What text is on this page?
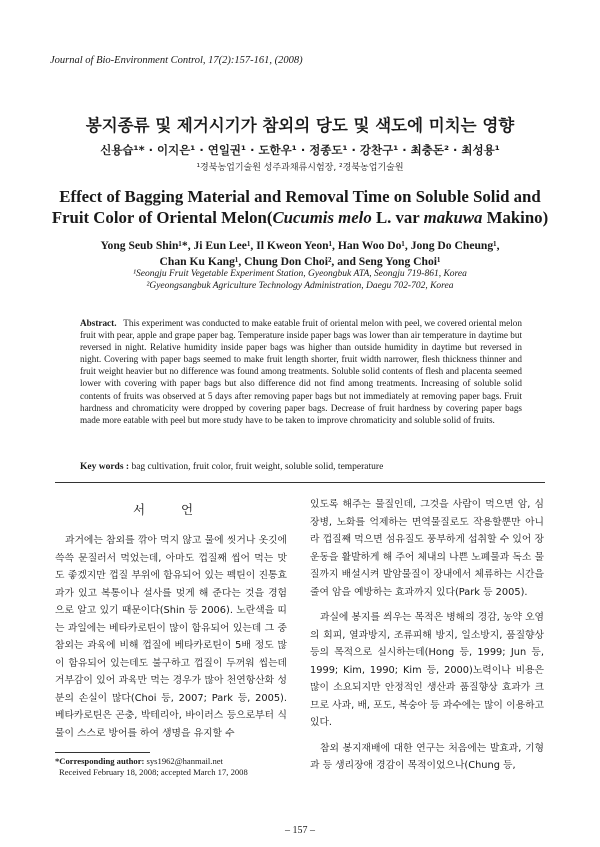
Journal of Bio-Environment Control, 17(2):157-161, (2008)
봉지종류 및 제거시기가 참외의 당도 및 색도에 미치는 영향
신용습¹* · 이지은¹ · 연일권¹ · 도한우¹ · 정종도¹ · 강찬구¹ · 최충돈² · 최성용¹
¹경북농업기술원 성주과채류시험장, ²경북농업기술원
Effect of Bagging Material and Removal Time on Soluble Solid and
Fruit Color of Oriental Melon(Cucumis melo L. var makuwa Makino)
Yong Seub Shin¹*, Ji Eun Lee¹, Il Kweon Yeon¹, Han Woo Do¹, Jong Do Cheung¹,
Chan Ku Kang¹, Chung Don Choi², and Seng Yong Choi¹
¹Seongju Fruit Vegetable Experiment Station, Gyeongbuk ATA, Seongju 719-861, Korea
²Gyeongsangbuk Agriculture Technology Administration, Daegu 702-702, Korea
Abstract. This experiment was conducted to make eatable fruit of oriental melon with peel, we covered oriental melon fruit with pear, apple and grape paper bag. Temperature inside paper bags was lower than air temperature in daytime but reversed in night. Relative humidity inside paper bags was higher than outside humidity in daytime but reversed in night. Covering with paper bags seemed to make fruit length shorter, fruit width narrower, flesh thickness thinner and fruit weight heavier but no difference was found among treatments. Soluble solid contents of flesh and placenta seemed lower with covering with paper bags but also difference did not find among treatments. Increasing of soluble solid contents of fruits was observed at 5 days after removing paper bags but not immediately at removing paper bags. Fruit hardness and chromaticity were dropped by covering paper bags. Decrease of fruit hardness by covering paper bags made more eatable with peel but more study have to be taken to improve chromaticity and soluble solid of fruits.
Key words : bag cultivation, fruit color, fruit weight, soluble solid, temperature
서 언

과거에는 참외를 깎아 먹지 않고 물에 씻거나 옷깃에 쓱쓱 문질러서 먹었는데, 아마도 껍질째 씹어 먹는 맛도 좋겠지만 껍질 부위에 함유되어 있는 펙틴이 진통효과가 있고 복통이나 설사를 멎게 해 준다는 것을 경험으로 알고 있기 때문이다(Shin 등 2006). 노란색을 띠는 과일에는 베타카로틴이 많이 함유되어 있는데 그 중 참외는 과육에 비해 껍질에 베타카로틴이 5배 정도 많이 함유되어 있는데도 불구하고 껍질이 두꺼워 씹는데 거부감이 있어 과육만 먹는 경우가 많아 천연항산화 성분의 손실이 많다(Choi 등, 2007; Park 등, 2005). 베타카로틴은 곤충, 박테리아, 바이러스 등으로부터 식물이 스스로 방어를 하여 생명을 유지할 수

있도록 해주는 물질인데, 그것을 사람이 먹으면 암, 심장병, 노화를 억제하는 면역물질로도 작용할뿐만 아니라 껍질째 먹으면 섬유질도 풍부하게 섭취할 수 있어 장운동을 활발하게 해 주어 체내의 나쁜 노폐물과 독소 물질까지 배설시켜 발암물질이 장내에서 체류하는 시간을 줄여 암을 예방하는 효과까지 있다(Park 등 2005).

과실에 봉지를 씌우는 목적은 병해의 경감, 농약 오염의 회피, 열과방지, 조류피해 방지, 일소방지, 품질향상 등의 목적으로 실시하는데(Hong 등, 1999; Jun 등, 1999; Kim, 1990; Kim 등, 2000)노력이나 비용은 많이 소요되지만 안정적인 생산과 품질향상 효과가 크므로 사과, 배, 포도, 복숭아 등 과수에는 많이 이용하고 있다.

참외 봉지재배에 대한 연구는 처음에는 발효과, 기형과 등 생리장애 경감이 목적이었으나(Chung 등,

*Corresponding author: sys1962@hanmail.net
Received February 18, 2008; accepted March 17, 2008
– 157 –
